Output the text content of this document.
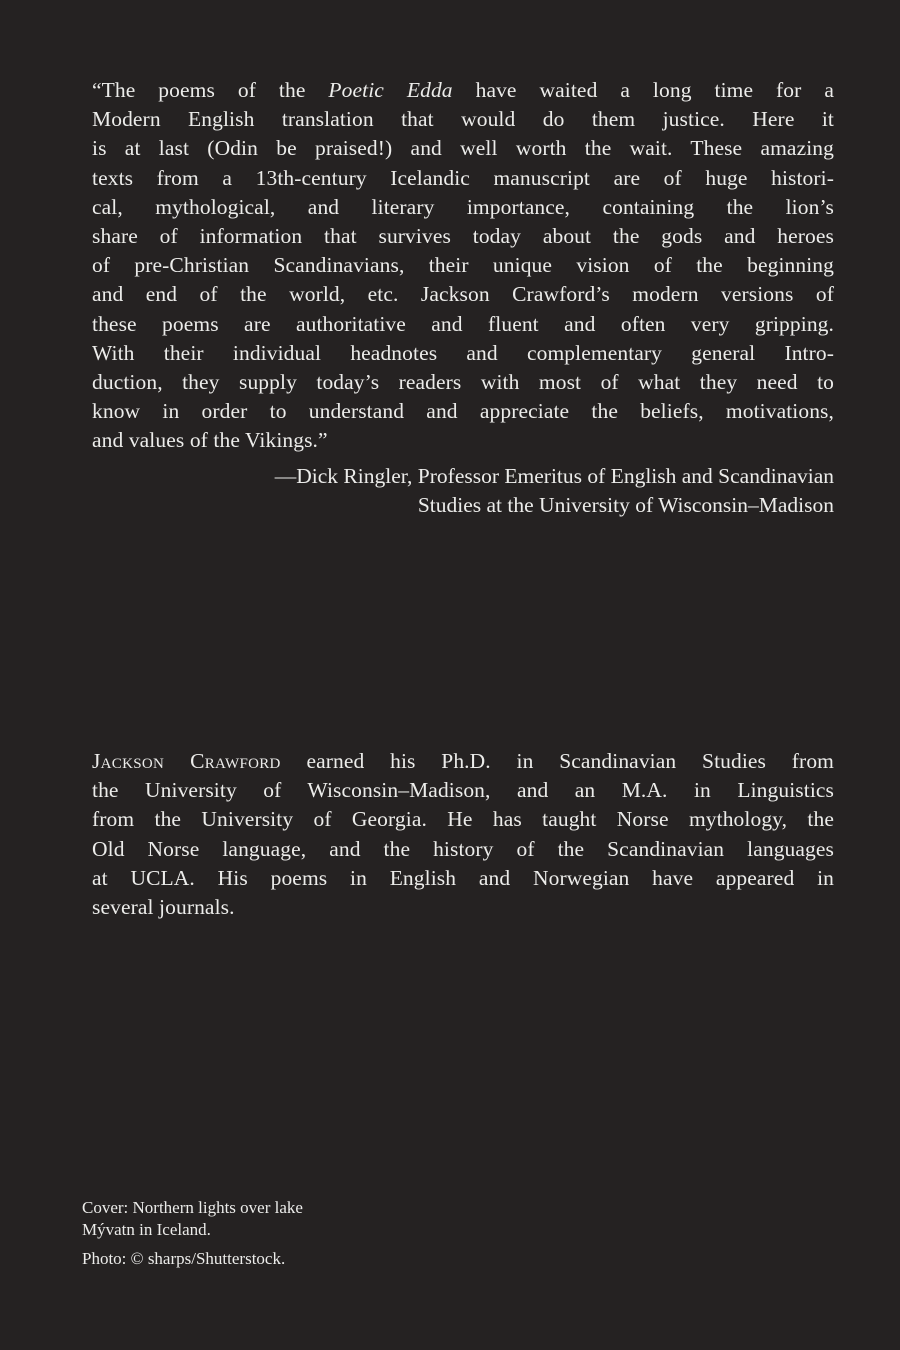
“The poems of the Poetic Edda have waited a long time for a
Modern English translation that would do them justice. Here it
is at last (Odin be praised!) and well worth the wait. These amazing
texts from a 13th-century Icelandic manuscript are of huge histori-
cal, mythological, and literary importance, containing the lion’s
share of information that survives today about the gods and heroes
of pre-Christian Scandinavians, their unique vision of the beginning
and end of the world, etc. Jackson Crawford’s modern versions of
these poems are authoritative and fluent and often very gripping.
With their individual headnotes and complementary general Intro-
duction, they supply today’s readers with most of what they need to
know in order to understand and appreciate the beliefs, motivations,
and values of the Vikings.”
—Dick Ringler, Professor Emeritus of English and Scandinavian
Studies at the University of Wisconsin–Madison
Jackson Crawford earned his Ph.D. in Scandinavian Studies from
the University of Wisconsin–Madison, and an M.A. in Linguistics
from the University of Georgia. He has taught Norse mythology, the
Old Norse language, and the history of the Scandinavian languages
at UCLA. His poems in English and Norwegian have appeared in
several journals.
Cover: Northern lights over lake
Mývatn in Iceland.
Photo: © sharps/Shutterstock.
